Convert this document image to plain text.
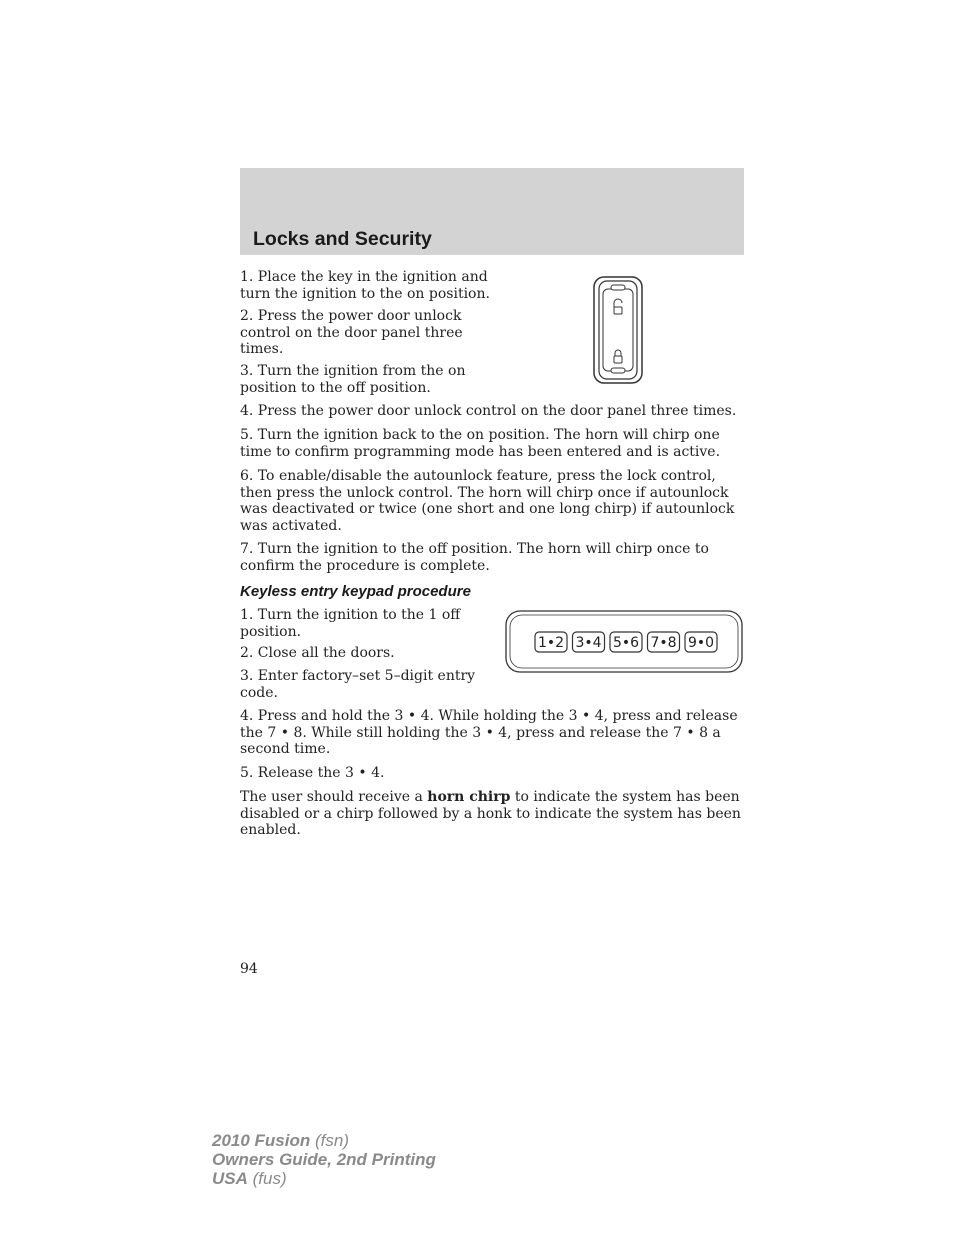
Locks and Security

1. Place the key in the ignition and turn the ignition to the on position.

2. Press the power door unlock control on the door panel three times.

3. Turn the ignition from the on position to the off position.

4. Press the power door unlock control on the door panel three times.

5. Turn the ignition back to the on position. The horn will chirp one time to confirm programming mode has been entered and is active.

6. To enable/disable the autounlock feature, press the lock control, then press the unlock control. The horn will chirp once if autounlock was deactivated or twice (one short and one long chirp) if autounlock was activated.

7. Turn the ignition to the off position. The horn will chirp once to confirm the procedure is complete.

Keyless entry keypad procedure

1. Turn the ignition to the 1 off position.

2. Close all the doors.

3. Enter factory–set 5–digit entry code.

1•2 3•4 5•6 7•8 9•0

4. Press and hold the 3 • 4. While holding the 3 • 4, press and release the 7 • 8. While still holding the 3 • 4, press and release the 7 • 8 a second time.

5. Release the 3 • 4.

The user should receive a horn chirp to indicate the system has been disabled or a chirp followed by a honk to indicate the system has been enabled.

94

2010 Fusion (fsn)
Owners Guide, 2nd Printing
USA (fus)
